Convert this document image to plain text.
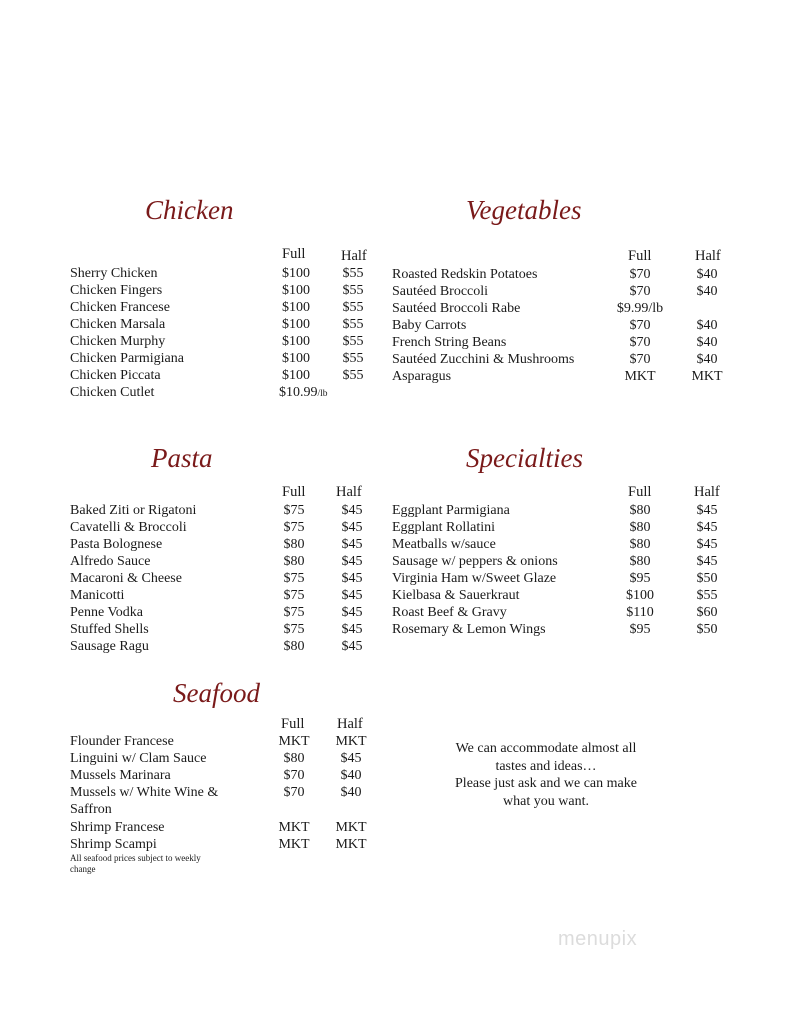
Chicken
Full Half
Sherry Chicken	$100	$55
Chicken Fingers	$100	$55
Chicken Francese	$100	$55
Chicken Marsala	$100	$55
Chicken Murphy	$100	$55
Chicken Parmigiana	$100	$55
Chicken Piccata	$100	$55
Chicken Cutlet	$10.99/lb
Vegetables
Full	Half
Roasted Redskin Potatoes	$70	$40
Sautéed Broccoli	$70	$40
Sautéed Broccoli Rabe	$9.99/lb
Baby Carrots	$70	$40
French String Beans	$70	$40
Sautéed Zucchini & Mushrooms	$70	$40
Asparagus	MKT	MKT
Pasta
Full Half
Baked Ziti or Rigatoni	$75	$45
Cavatelli & Broccoli	$75	$45
Pasta Bolognese	$80	$45
Alfredo Sauce	$80	$45
Macaroni & Cheese	$75	$45
Manicotti	$75	$45
Penne Vodka	$75	$45
Stuffed Shells	$75	$45
Sausage Ragu	$80	$45
Specialties
Full	Half
Eggplant Parmigiana	$80	$45
Eggplant Rollatini	$80	$45
Meatballs w/sauce	$80	$45
Sausage w/ peppers & onions	$80	$45
Virginia Ham w/Sweet Glaze	$95	$50
Kielbasa & Sauerkraut	$100	$55
Roast Beef & Gravy	$110	$60
Rosemary & Lemon Wings	$95	$50
Seafood
Full Half
Flounder Francese	MKT	MKT
Linguini w/ Clam Sauce	$80	$45
Mussels Marinara	$70	$40
Mussels w/ White Wine &	$70	$40
Saffron
Shrimp Francese	MKT	MKT
Shrimp Scampi	MKT	MKT
All seafood prices subject to weekly
change
We can accommodate almost all
tastes and ideas…
Please just ask and we can make
what you want.
menupix
